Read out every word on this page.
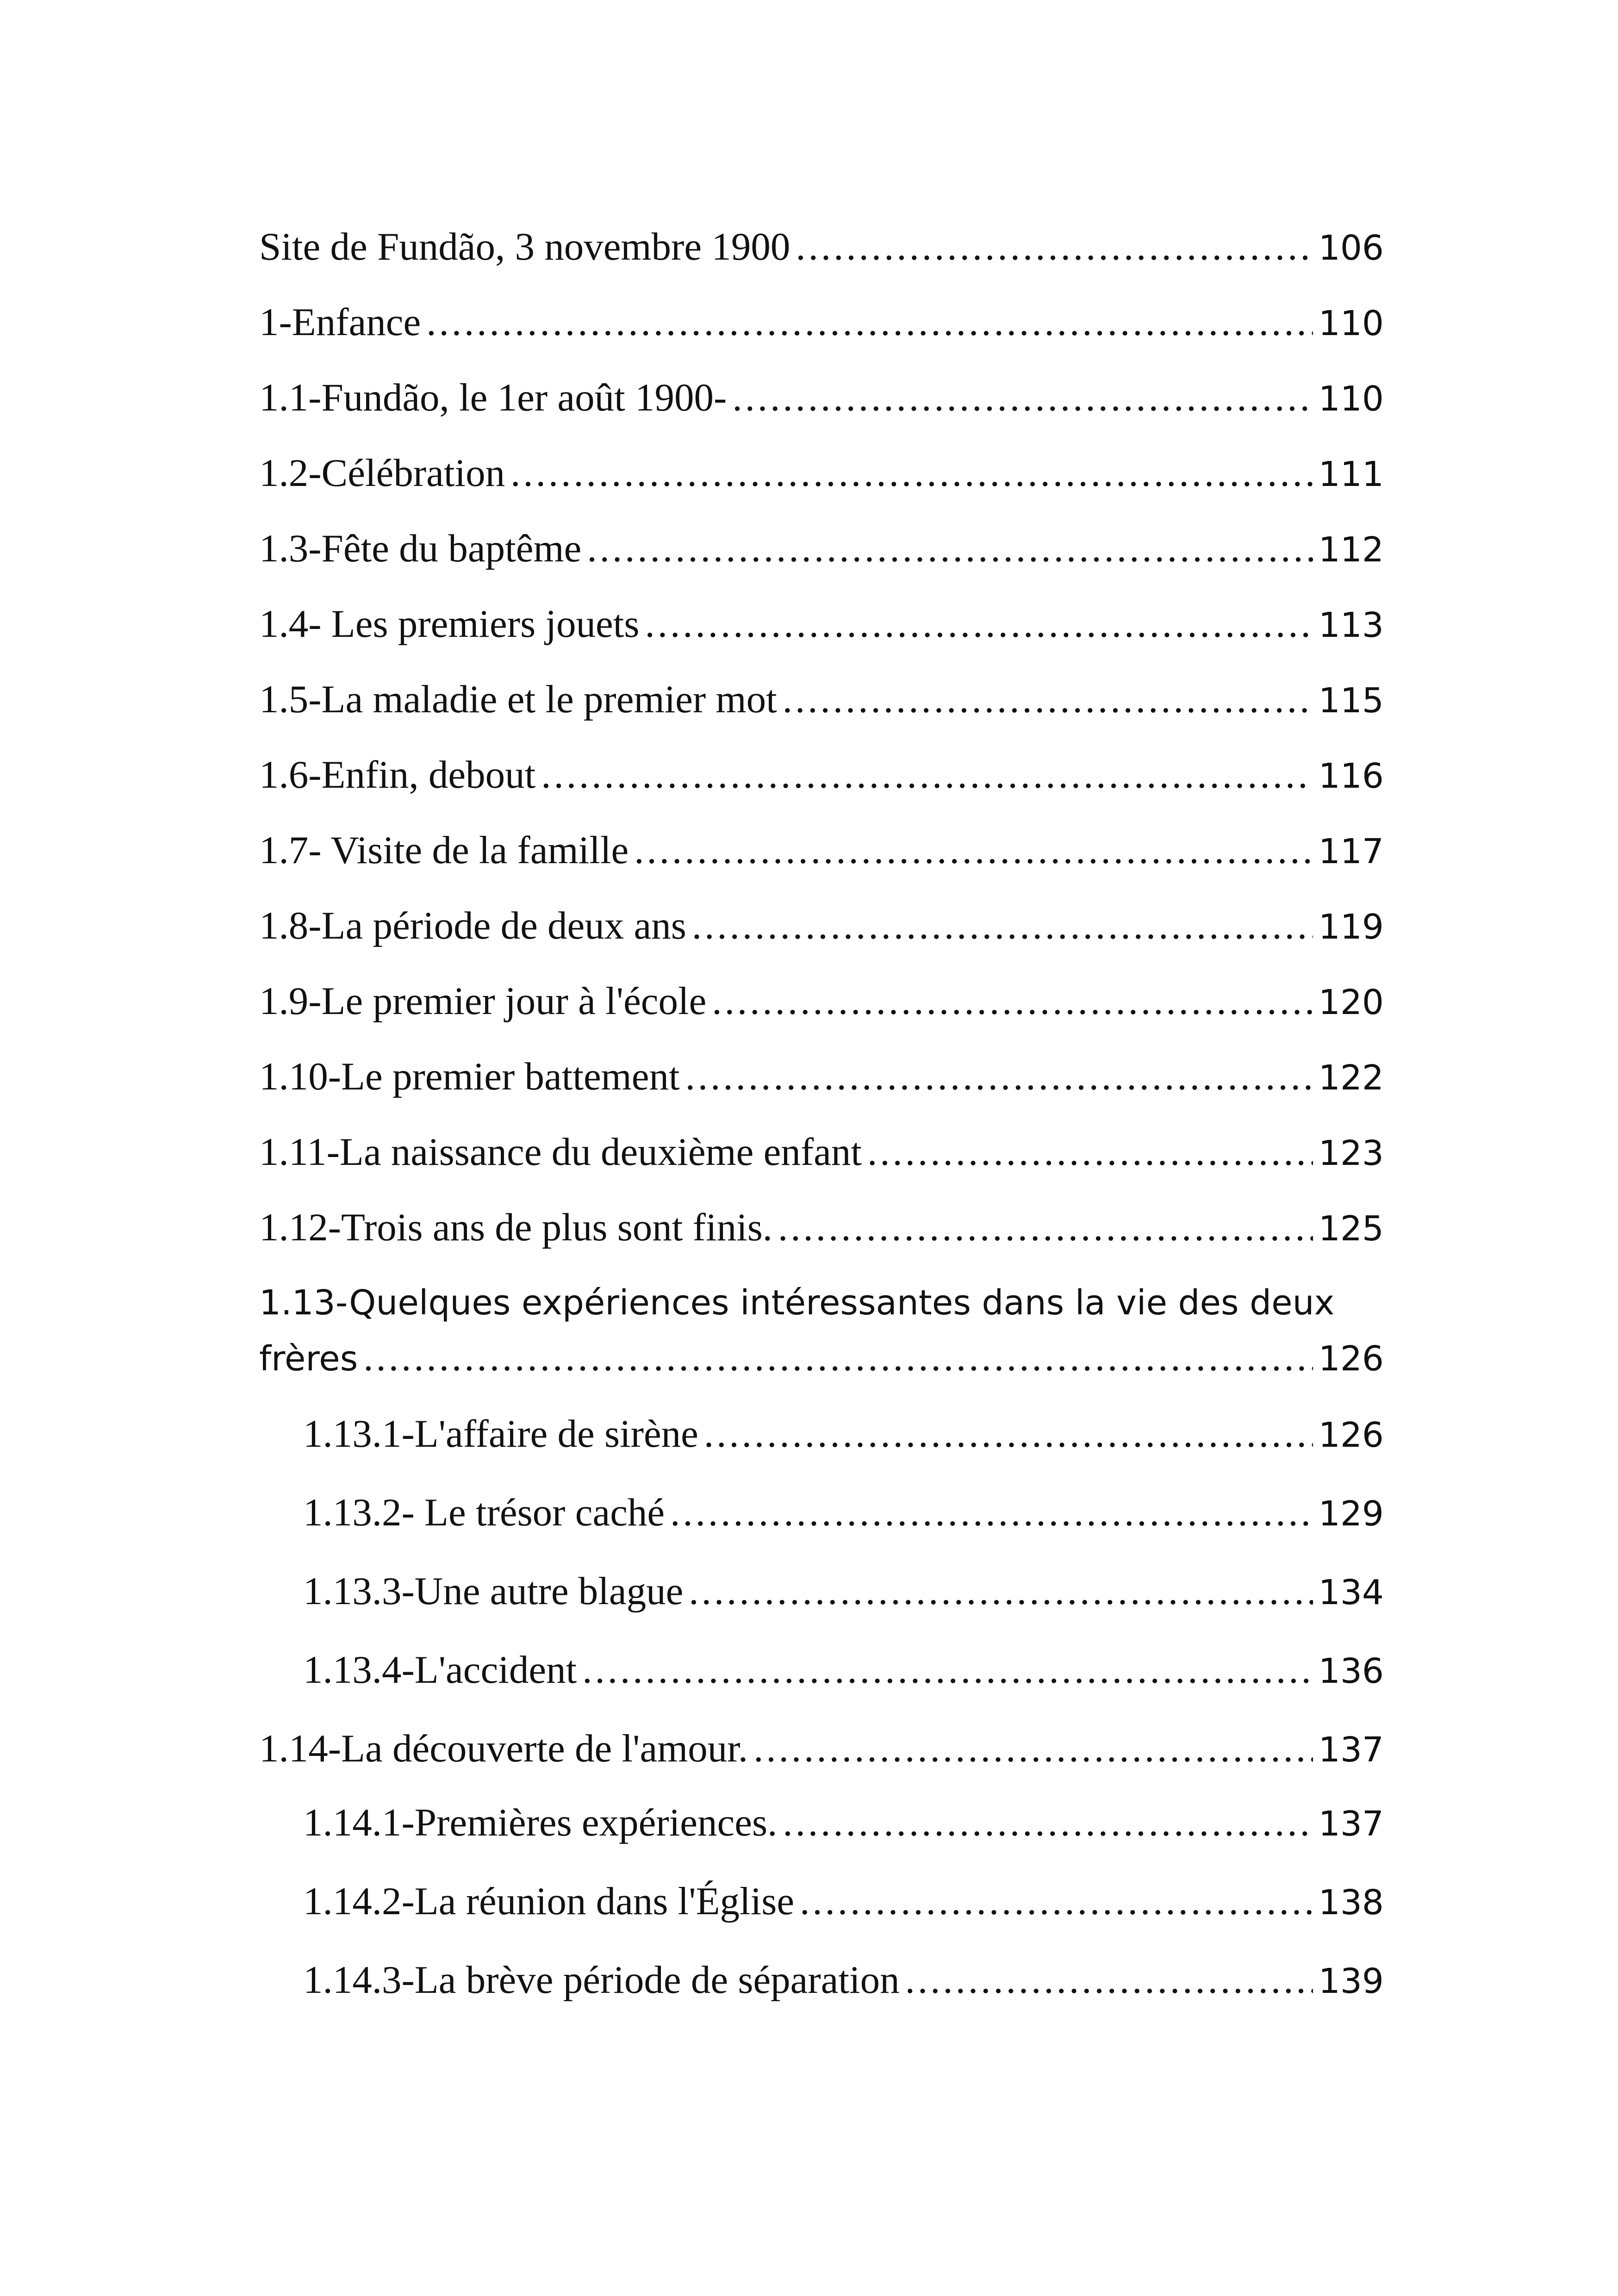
Site de Fundão, 3 novembre 1900 .....	106
1-Enfance .....	110
1.1-Fundão, le 1er août 1900- .....	110
1.2-Célébration .....	111
1.3-Fête du baptême .....	112
1.4- Les premiers jouets .....	113
1.5-La maladie et le premier mot .....	115
1.6-Enfin, debout .....	116
1.7- Visite de la famille .....	117
1.8-La période de deux ans .....	119
1.9-Le premier jour à l'école .....	120
1.10-Le premier battement .....	122
1.11-La naissance du deuxième enfant .....	123
1.12-Trois ans de plus sont finis. .....	125
1.13-Quelques expériences intéressantes dans la vie des deux
frères .....	126
1.13.1-L'affaire de sirène .....	126
1.13.2- Le trésor caché .....	129
1.13.3-Une autre blague .....	134
1.13.4-L'accident .....	136
1.14-La découverte de l'amour. .....	137
1.14.1-Premières expériences. .....	137
1.14.2-La réunion dans l'Église .....	138
1.14.3-La brève période de séparation .....	139
